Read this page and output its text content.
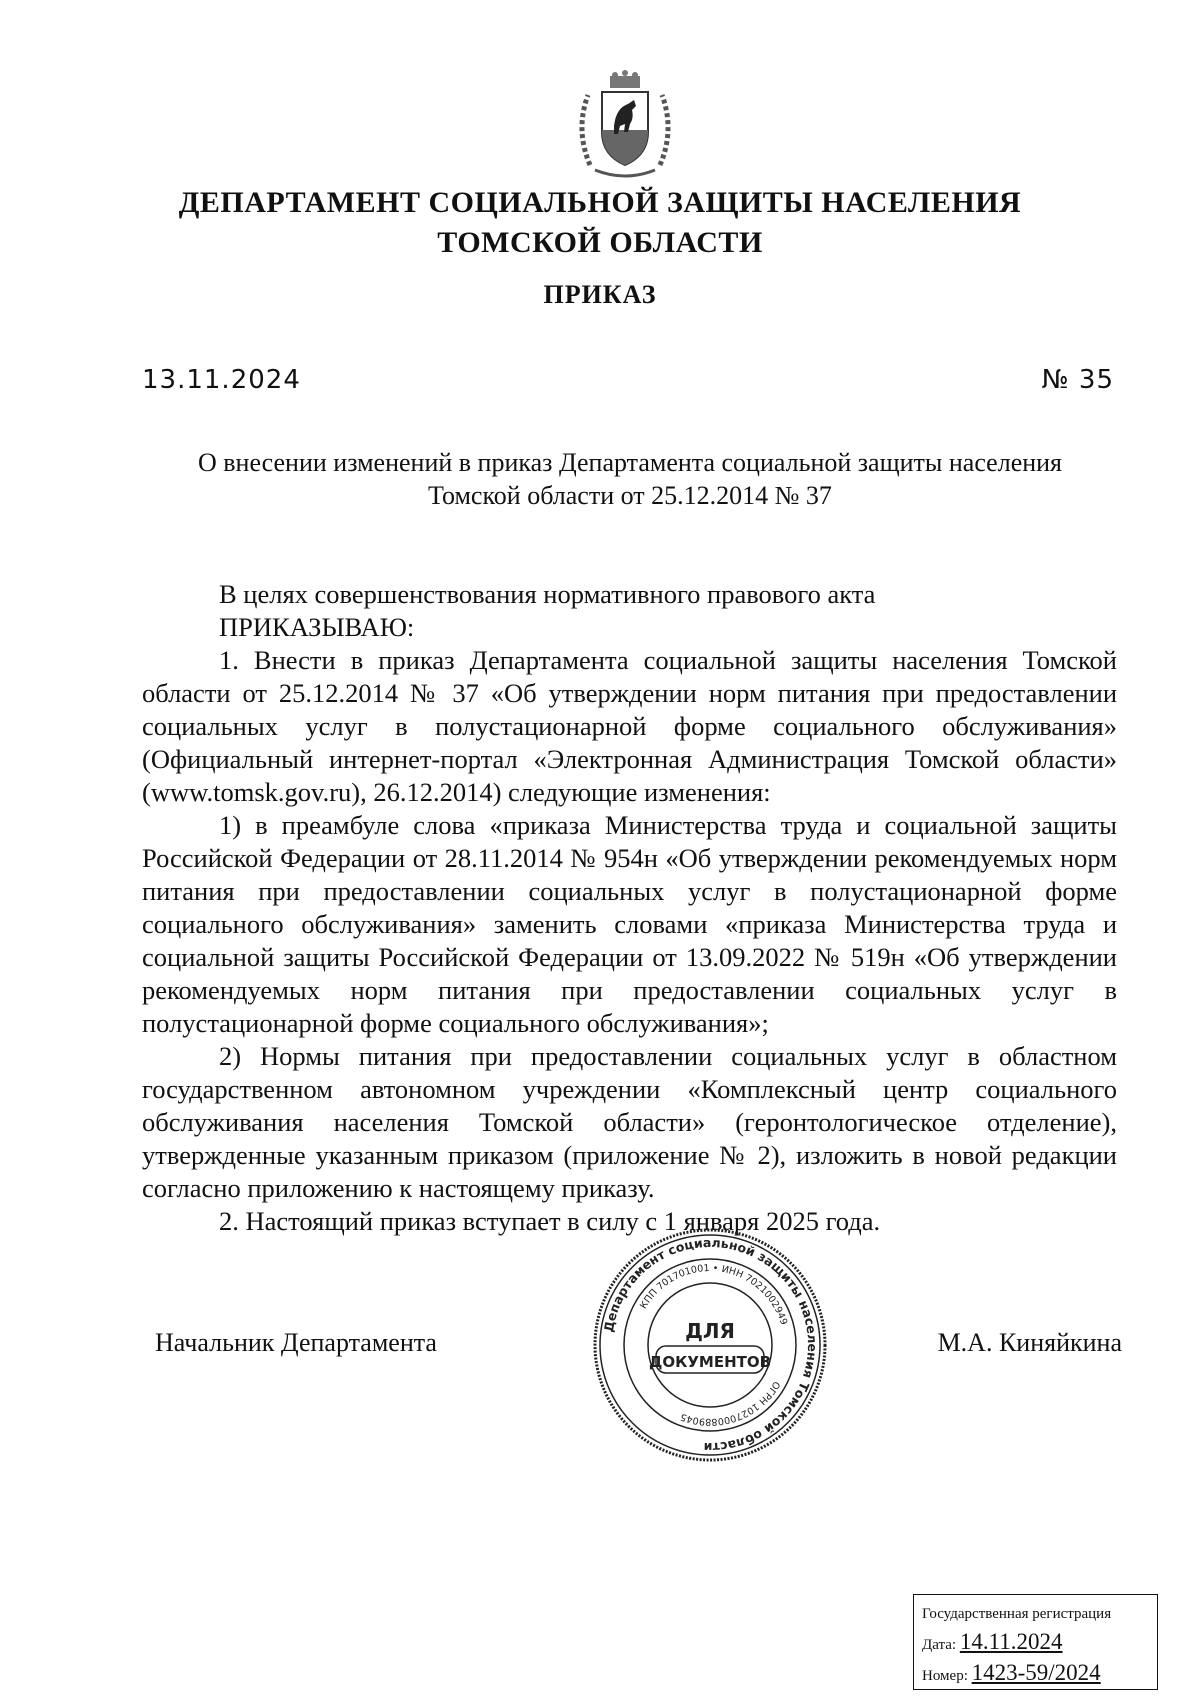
ДЕПАРТАМЕНТ СОЦИАЛЬНОЙ ЗАЩИТЫ НАСЕЛЕНИЯ
ТОМСКОЙ ОБЛАСТИ
ПРИКАЗ
13.11.2024	№ 35
О внесении изменений в приказ Департамента социальной защиты населения
Томской области от 25.12.2014 № 37

В целях совершенствования нормативного правового акта

ПРИКАЗЫВАЮ:

1. Внести в приказ Департамента социальной защиты населения Томской области от 25.12.2014 № 37 «Об утверждении норм питания при предоставлении социальных услуг в полустационарной форме социального обслуживания» (Официальный интернет-портал «Электронная Администрация Томской области» (www.tomsk.gov.ru), 26.12.2014) следующие изменения:

1) в преамбуле слова «приказа Министерства труда и социальной защиты Российской Федерации от 28.11.2014 № 954н «Об утверждении рекомендуемых норм питания при предоставлении социальных услуг в полустационарной форме социального обслуживания» заменить словами «приказа Министерства труда и социальной защиты Российской Федерации от 13.09.2022 № 519н «Об утверждении рекомендуемых норм питания при предоставлении социальных услуг в полустационарной форме социального обслуживания»;

2) Нормы питания при предоставлении социальных услуг в областном государственном автономном учреждении «Комплексный центр социального обслуживания населения Томской области» (геронтологическое отделение), утвержденные указанным приказом (приложение № 2), изложить в новой редакции согласно приложению к настоящему приказу.

2. Настоящий приказ вступает в силу с 1 января 2025 года.

Начальник Департамента	М.А. Киняйкина
Департамент социальной защиты населения Томской области
КПП 701701001 • ИНН 7021002949
ОГРН 1027000889045
ДЛЯ
ДОКУМЕНТОВ
Государственная регистрация
Дата: 14.11.2024
Номер: 1423-59/2024
